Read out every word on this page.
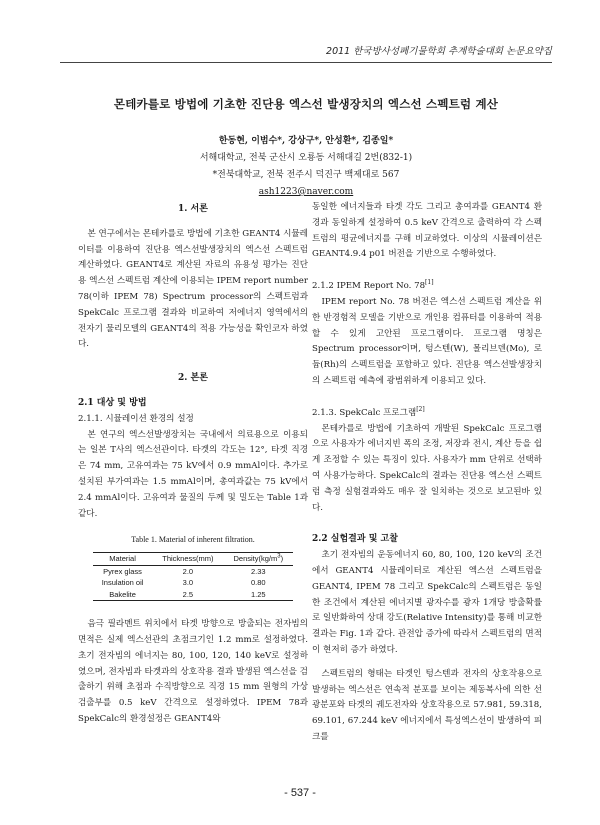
2011 한국방사성폐기물학회 추계학술대회 논문요약집
몬테카를로 방법에 기초한 진단용 엑스선 발생장치의 엑스선 스펙트럼 계산
한동현, 이범수*, 강상구*, 안성환*, 김종일*
서해대학교, 전북 군산시 오룡동 서해대길 2번(832-1)
*전북대학교, 전북 전주시 덕진구 백제대로 567
ash1223@naver.com
1. 서론

본 연구에서는 몬테카를로 방법에 기초한 GEANT4 시뮬레이터를 이용하여 진단용 엑스선발생장치의 엑스선 스펙트럼 계산하였다. GEANT4로 계산된 자료의 유용성 평가는 진단용 엑스선 스펙트럼 계산에 이용되는 IPEM report number 78(이하 IPEM 78) Spectrum processor의 스펙트럼과 SpekCalc 프로그램 결과와 비교하여 저에너지 영역에서의 전자기 물리모델의 GEANT4의 적용 가능성을 확인코자 하였다.

2. 본론
2.1 대상 및 방법
2.1.1. 시뮬레이션 환경의 설정

본 연구의 엑스선발생장치는 국내에서 의료용으로 이용되는 일본 T사의 엑스선관이다. 타겟의 각도는 12°, 타겟 직경은 74 mm, 고유여과는 75 kV에서 0.9 mmAl이다. 추가로 설치된 부가여과는 1.5 mmAl이며, 총여과값는 75 kV에서 2.4 mmAl이다. 고유여과 물질의 두께 및 밀도는 Table 1과 같다.

Table 1. Material of inherent filtration.
Material	Thickness(mm)	$Density(kg/m^3)$
Pyrex glass	2.0	2.33
Insulation oil	3.0	0.80
Bakelite	2.5	1.25

음극 필라멘트 위치에서 타겟 방향으로 방출되는 전자빔의 면적은 실제 엑스선관의 초점크기인 1.2 mm로 설정하였다. 초기 전자빔의 에너지는 80, 100, 120, 140 keV로 설정하였으며, 전자빔과 타겟과의 상호작용 결과 발생된 엑스선을 검출하기 위해 초점과 수직방향으로 직경 15 mm 원형의 가상 검출부를 0.5 keV 간격으로 설정하였다. IPEM 78과 SpekCalc의 환경설정은 GEANT4와

동일한 에너지들과 타겟 각도 그리고 총여과를 GEANT4 환경과 동일하게 설정하여 0.5 keV 간격으로 출력하여 각 스펙트럼의 평균에너지를 구해 비교하였다. 이상의 시뮬레이션은 GEANT4.9.4 p01 버전을 기반으로 수행하였다.

2.1.2 IPEM Report No. 78[1]

IPEM report No. 78 버전은 엑스선 스펙트럼 계산을 위한 반경험적 모델을 기반으로 개인용 컴퓨터를 이용하여 적용할 수 있게 고안된 프로그램이다. 프로그램 명칭은 Spectrum processor이며, 텅스텐(W), 몰리브덴(Mo), 로듐(Rh)의 스펙트럼을 포함하고 있다. 진단용 엑스선발생장치의 스펙트럼 예측에 광범위하게 이용되고 있다.

2.1.3. SpekCalc 프로그램[2]

몬테카를로 방법에 기초하여 개발된 SpekCalc 프로그램으로 사용자가 에너지빈 폭의 조정, 저장과 전시, 계산 등을 쉽게 조정할 수 있는 특징이 있다. 사용자가 mm 단위로 선택하여 사용가능하다. SpekCalc의 결과는 진단용 엑스선 스펙트럼 측정 실험결과와도 매우 잘 일치하는 것으로 보고된바 있다.

2.2 실험결과 및 고찰

초기 전자빔의 운동에너지 60, 80, 100, 120 keV의 조건에서 GEANT4 시뮬레이터로 계산된 엑스선 스펙트럼을 GEANT4, IPEM 78 그리고 SpekCalc의 스펙트럼은 동일한 조건에서 계산된 에너지별 광자수를 광자 1개당 방출확률로 일반화하여 상대 강도(Relative Intensity)를 통해 비교한 결과는 Fig. 1과 같다. 관전압 증가에 따라서 스펙트럼의 면적이 현저히 증가 하였다.

스펙트럼의 형태는 타겟인 텅스텐과 전자의 상호작용으로 발생하는 엑스선은 연속적 분포를 보이는 제동복사에 의한 선광분포와 타겟의 궤도전자와 상호작용으로 57.981, 59.318, 69.101, 67.244 keV 에너지에서 특성엑스선이 발생하여 피크를

- 537 -
